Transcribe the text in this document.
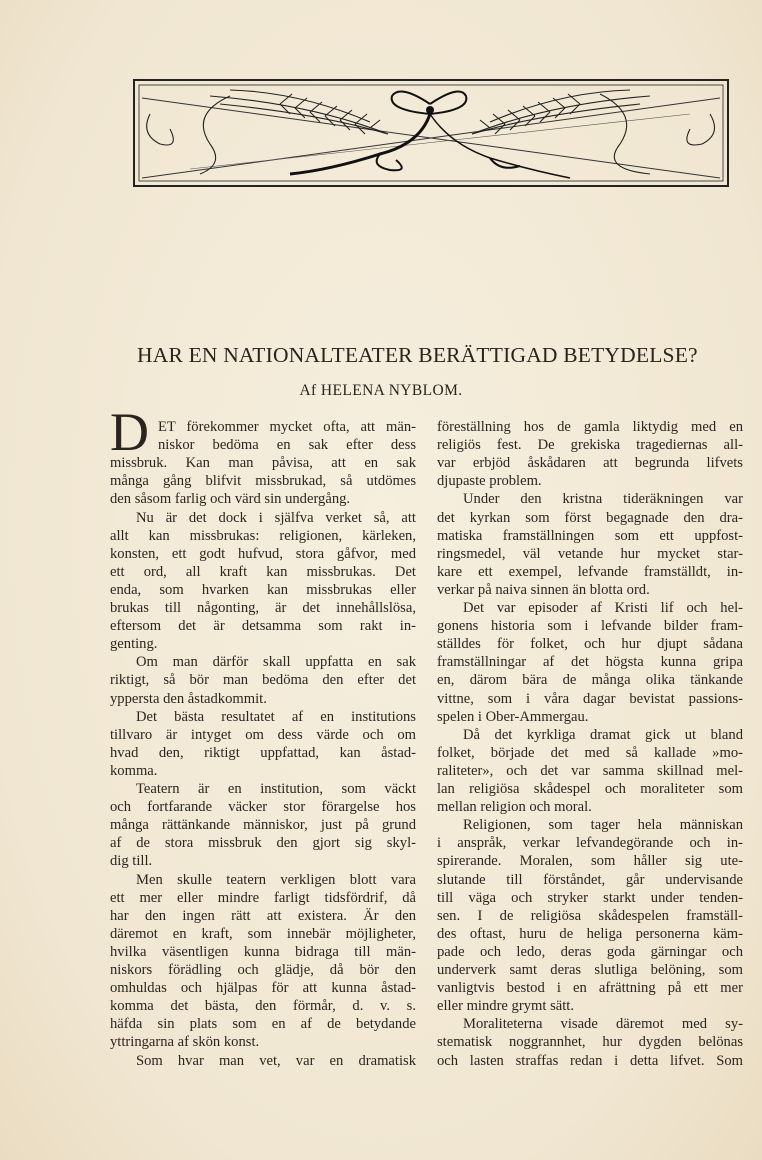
HAR EN NATIONALTEATER BERÄTTIGAD BETYDELSE?
Af HELENA NYBLOM.
D ET förekommer mycket ofta, att män-
niskor bedöma en sak efter dess
missbruk. Kan man påvisa, att en sak
många gång blifvit missbrukad, så utdömes
den såsom farlig och värd sin undergång.
Nu är det dock i själfva verket så, att
allt kan missbrukas: religionen, kärleken,
konsten, ett godt hufvud, stora gåfvor, med
ett ord, all kraft kan missbrukas. Det
enda, som hvarken kan missbrukas eller
brukas till någonting, är det innehållslösa,
eftersom det är detsamma som rakt in-
genting.
Om man därför skall uppfatta en sak
riktigt, så bör man bedöma den efter det
ypperstа den åstadkommit.
Det bästa resultatet af en institutions
tillvaro är intyget om dess värde och om
hvad den, riktigt uppfattad, kan åstad-
komma.
Teatern är en institution, som väckt
och fortfarande väcker stor förargelse hos
många rättänkande människor, just på grund
af de stora missbruk den gjort sig skyl-
dig till.
Men skulle teatern verkligen blott vara
ett mer eller mindre farligt tidsfördrif, då
har den ingen rätt att existera. Är den
däremot en kraft, som innebär möjligheter,
hvilka väsentligen kunna bidraga till män-
niskors förädling och glädje, då bör den
omhuldas och hjälpas för att kunna åstad-
komma det bästa, den förmår, d. v. s.
häfda sin plats som en af de betydande
yttringarna af skön konst.
Som hvar man vet, var en dramatisk
föreställning hos de gamla liktydig med en
religiös fest. De grekiska tragediernas all-
var erbjöd åskådaren att begrunda lifvets
djupaste problem.
Under den kristna tideräkningen var
det kyrkan som först begagnade den dra-
matiska framställningen som ett uppfost-
ringsmedel, väl vetande hur mycket star-
kare ett exempel, lefvande framställdt, in-
verkar på naiva sinnen än blotta ord.
Det var episoder af Kristi lif och hel-
gonens historia som i lefvande bilder fram-
ställdes för folket, och hur djupt sådana
framställningar af det högsta kunna gripa
en, därom bära de många olika tänkande
vittne, som i våra dagar bevistat passions-
spelen i Ober-Ammergau.
Då det kyrkliga dramat gick ut bland
folket, började det med så kallade »mo-
raliteter», och det var samma skillnad mel-
lan religiösa skådespel och moraliteter som
mellan religion och moral.
Religionen, som tager hela människan
i anspråk, verkar lefvandegörande och in-
spirerande. Moralen, som håller sig ute-
slutande till förståndet, går undervisande
till väga och stryker starkt under tenden-
sen. I de religiösa skådespelen framställ-
des oftast, huru de heliga personerna käm-
pade och ledo, deras goda gärningar och
underverk samt deras slutliga belöning, som
vanligtvis bestod i en afrättning på ett mer
eller mindre grymt sätt.
Moraliteterna visade däremot med sy-
stematisk noggrannhet, hur dygden belönas
och lasten straffas redan i detta lifvet. Som
